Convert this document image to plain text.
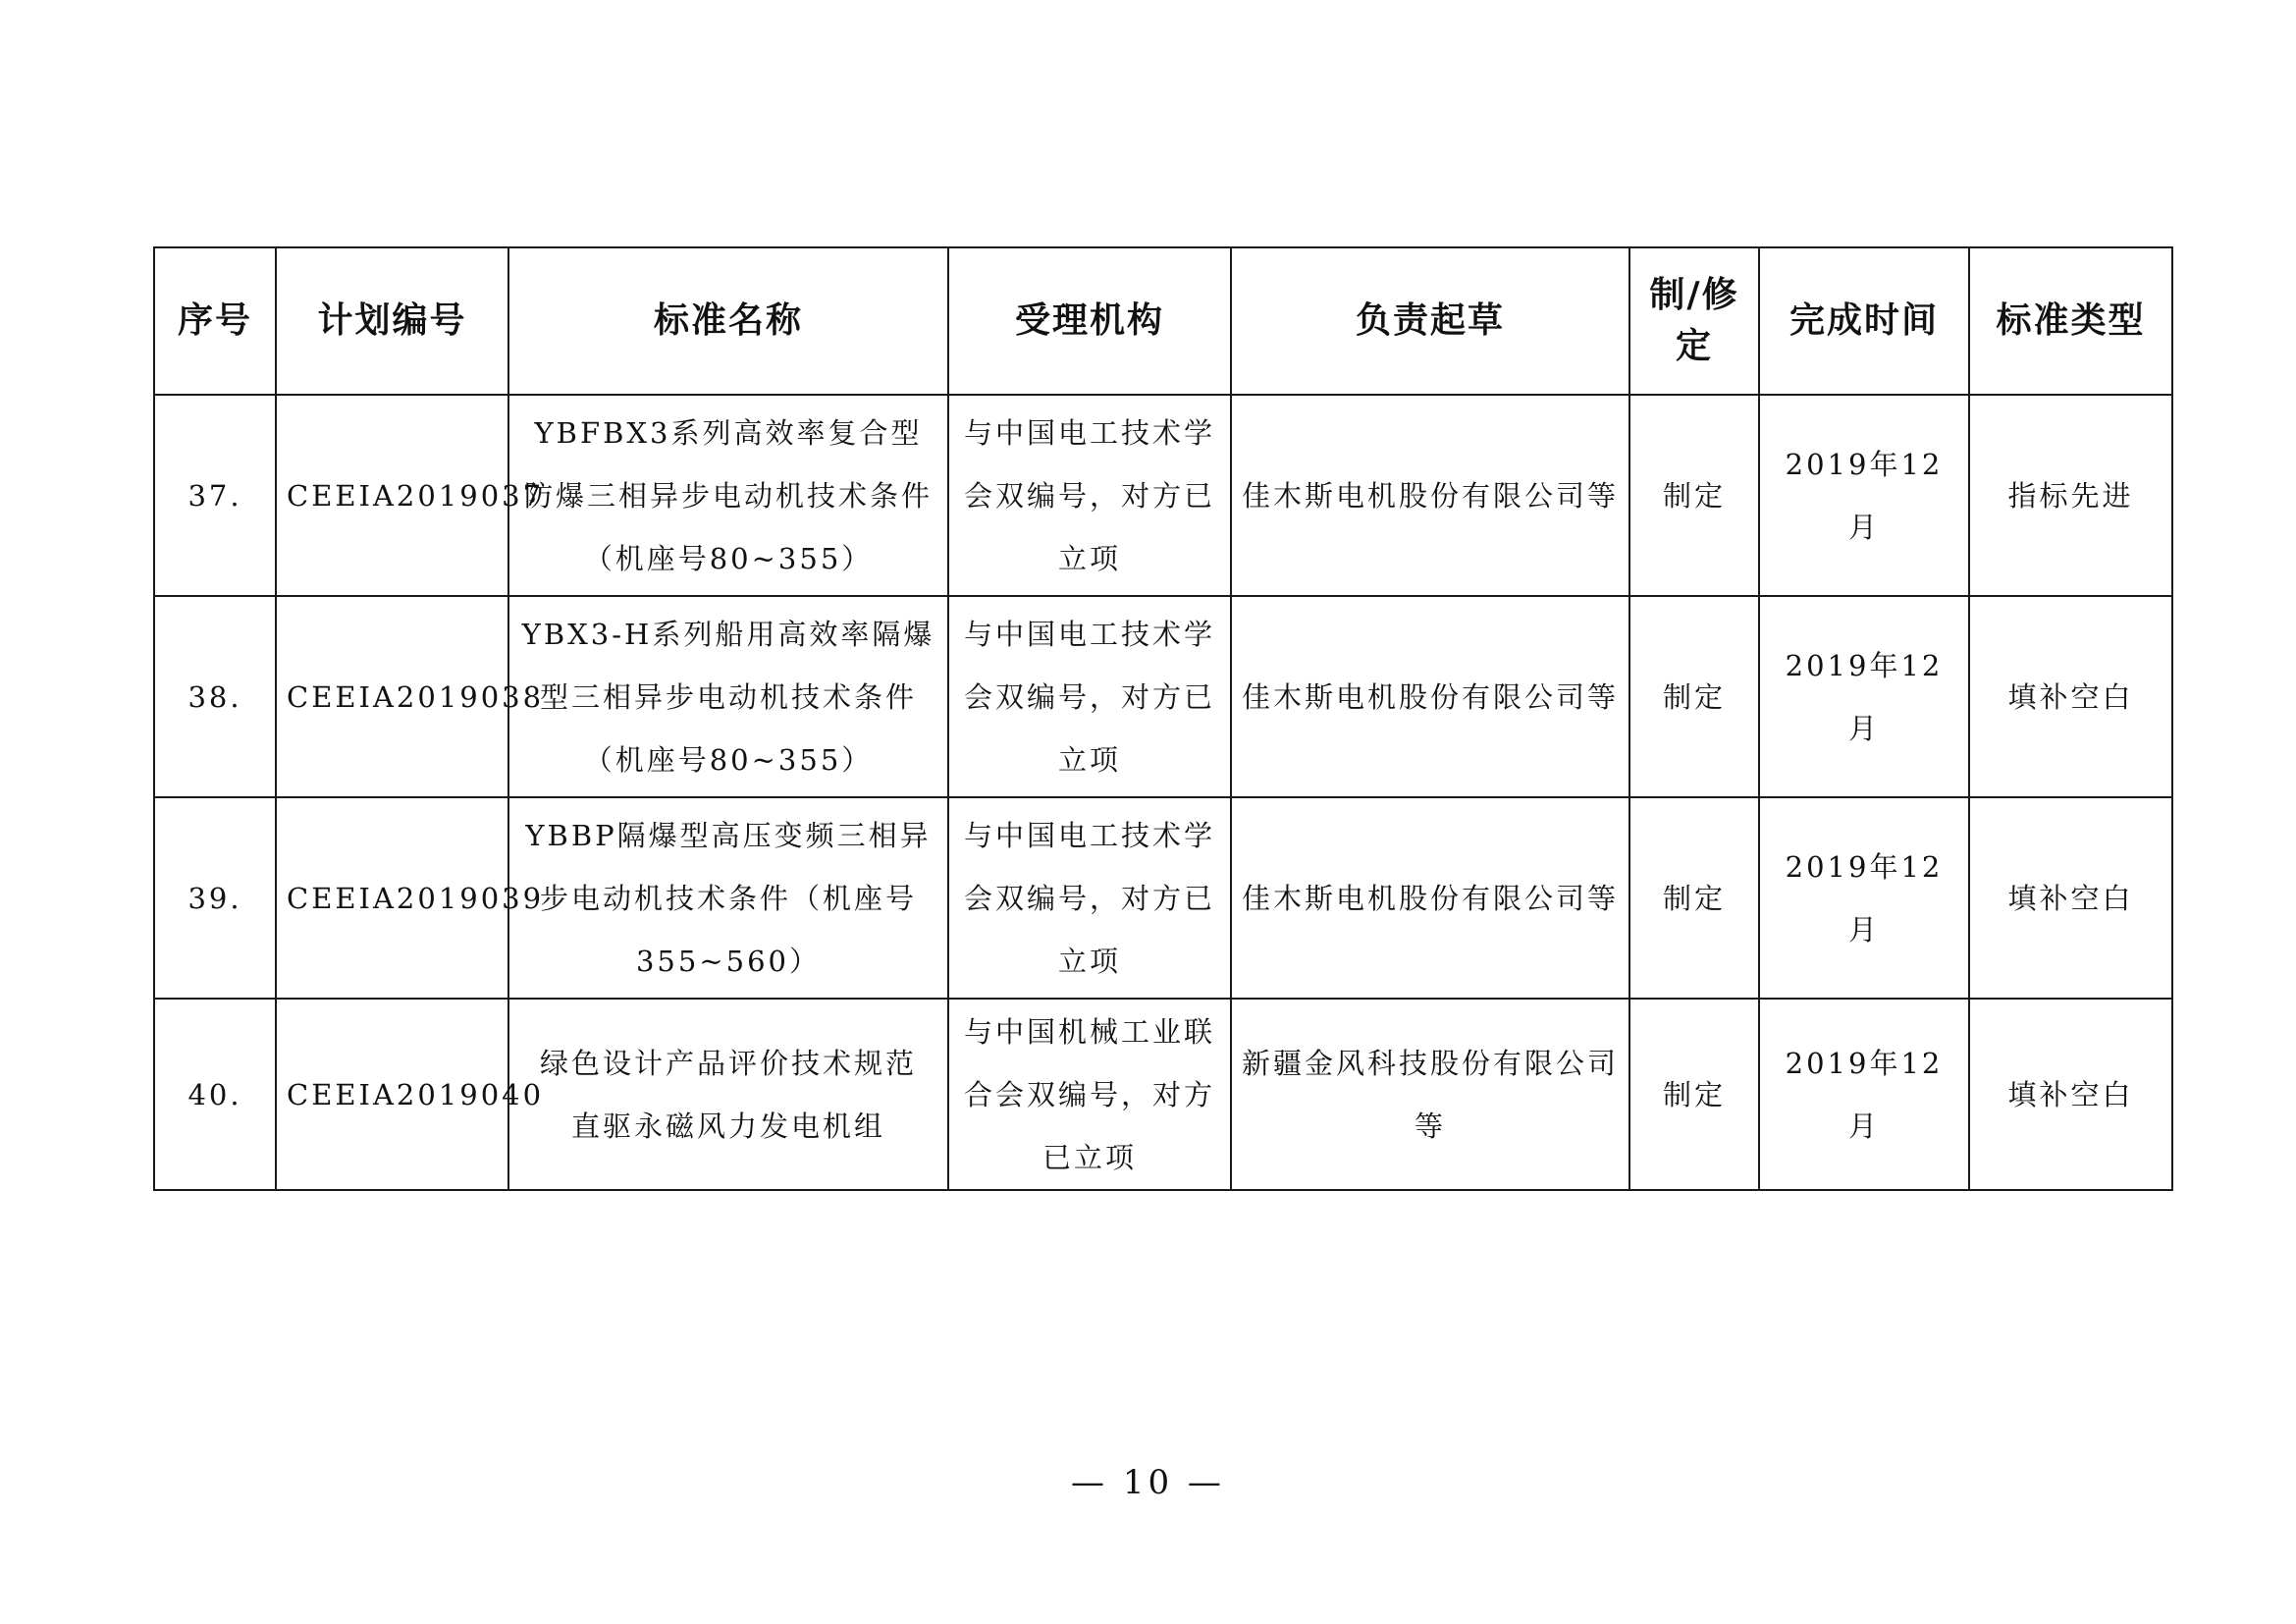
序号	计划编号	标准名称	受理机构	负责起草	制/修定	完成时间	标准类型
37.	CEEIA2019037	YBFBX3系列高效率复合型防爆三相异步电动机技术条件（机座号80~355）	与中国电工技术学会双编号，对方已立项	佳木斯电机股份有限公司等	制定	2019年12月	指标先进
38.	CEEIA2019038	YBX3-H系列船用高效率隔爆型三相异步电动机技术条件（机座号80~355）	与中国电工技术学会双编号，对方已立项	佳木斯电机股份有限公司等	制定	2019年12月	填补空白
39.	CEEIA2019039	YBBP隔爆型高压变频三相异步电动机技术条件（机座号355~560）	与中国电工技术学会双编号，对方已立项	佳木斯电机股份有限公司等	制定	2019年12月	填补空白
40.	CEEIA2019040	绿色设计产品评价技术规范 直驱永磁风力发电机组	与中国机械工业联合会双编号，对方已立项	新疆金风科技股份有限公司等	制定	2019年12月	填补空白
— 10 —
